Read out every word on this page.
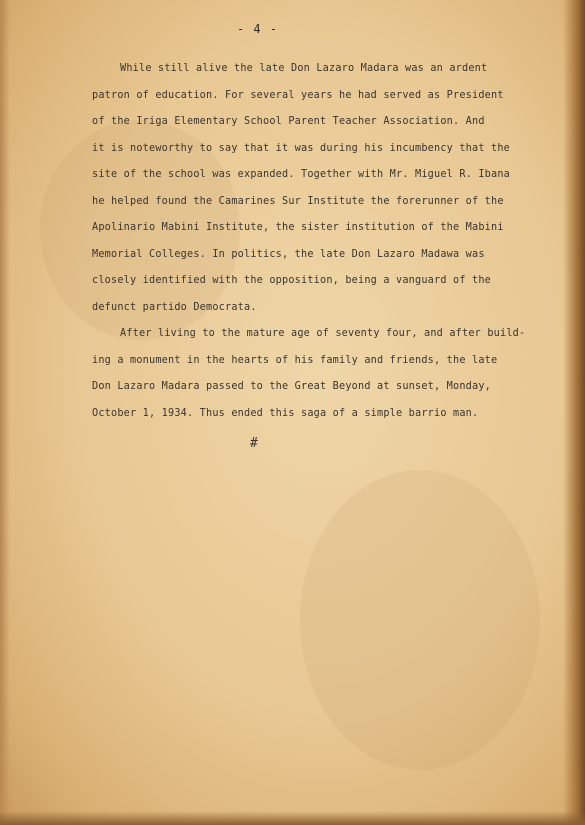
- 4 -
While still alive the late Don Lazaro Madara was an ardent
patron of education. For several years he had served as President
of the Iriga Elementary School Parent Teacher Association. And
it is noteworthy to say that it was during his incumbency that the
site of the school was expanded. Together with Mr. Miguel R. Ibana
he helped found the Camarines Sur Institute the forerunner of the
Apolinario Mabini Institute, the sister institution of the Mabini
Memorial Colleges. In politics, the late Don Lazaro Madawa was
closely identified with the opposition, being a vanguard of the
defunct partido Democrata.
After living to the mature age of seventy four, and after build-
ing a monument in the hearts of his family and friends, the late
Don Lazaro Madara passed to the Great Beyond at sunset, Monday,
October 1, 1934. Thus ended this saga of a simple barrio man.
#
